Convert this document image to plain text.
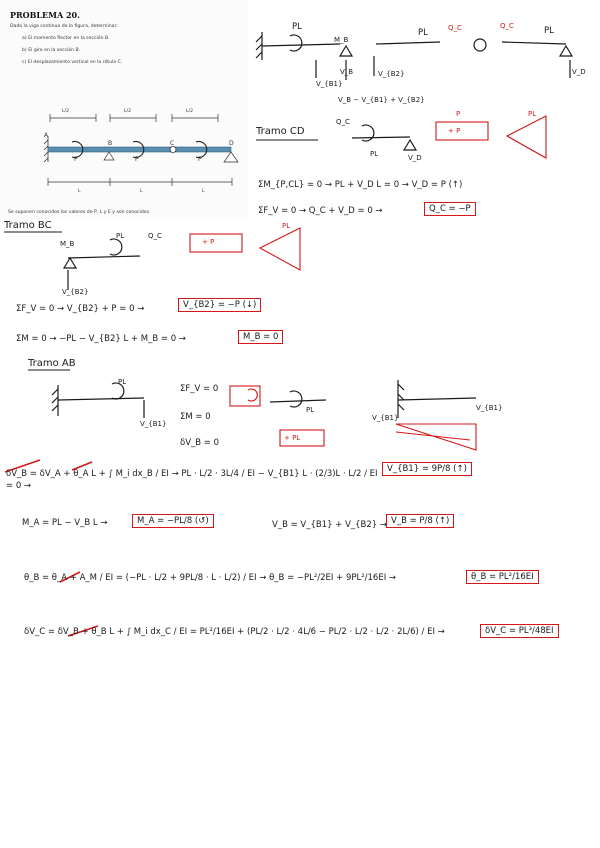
PROBLEMA 20.
Dada la viga continua de la figura, determinar:
a) El momento flector en la sección B.
b) El giro en la sección B.
c) El desplazamiento vertical en la rótula C.
L/2	L/2	L/2
A
B	C	D
P	P	P
L	L	L
Se suponen conocidos los valores de P, L y E y son conocidos.
PL
M_B
V_B
V_{B1}
V_{B2}
PL	Q_C	Q_C	PL
V_D
V_B − V_{B1} + V_{B2}
Tramo CD
Q_C
PL	V_D
+ P
P	PL
ΣM_{P,CL} = 0 → PL + V_D L = 0 → V_D = P (↑)
ΣF_V = 0 → Q_C + V_D = 0 →	Q_C = −P
Tramo BC
M_B
PL	Q_C
V_{B2}
+ P
PL
ΣF_V = 0 → V_{B2} + P = 0 →	V_{B2} = −P (↓)
ΣM = 0 → −PL − V_{B2} L + M_B = 0 →	M_B = 0
Tramo AB
PL
V_{B1}
ΣF_V = 0
ΣM = 0
δV_B = 0
PL
V_{B1}
V_{B1}
+ PL
δV_B = δV_A + θ_A L + ∫ M_i dx_B / EI → PL · L/2 · 3L/4 / EI − V_{B1} L · (2/3)L · L/2 / EI = 0 →
V_{B1} = 9P/8 (↑)
M_A = PL − V_B L →	M_A = −PL/8 (↺)	V_B = V_{B1} + V_{B2} → V_B = P/8 (↑)
θ_B = θ_A + A_M / EI = (−PL · L/2 + 9PL/8 · L · L/2) / EI → θ_B = −PL²/2EI + 9PL²/16EI →	θ_B = PL²/16EI
δV_C = δV_B + θ_B L + ∫ M_i dx_C / EI = PL²/16EI + (PL/2 · L/2 · 4L/6 − PL/2 · L/2 · L/2 · 2L/6) / EI →	δV_C = PL³/48EI
